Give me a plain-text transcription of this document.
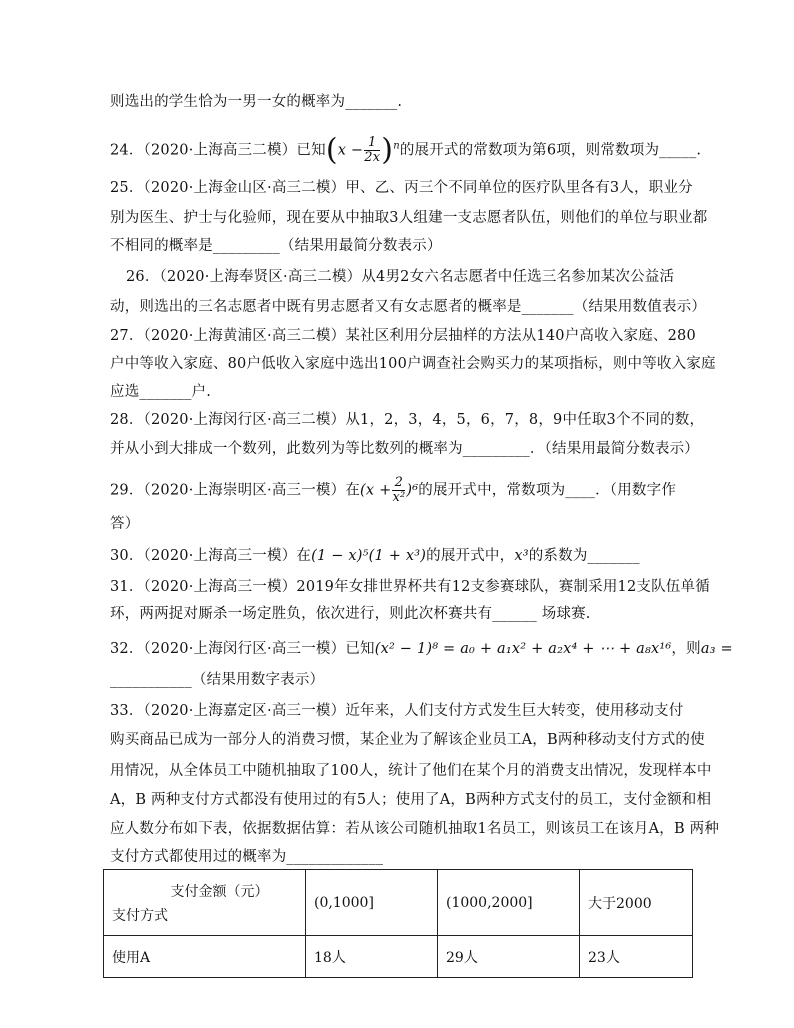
则选出的学生恰为一男一女的概率为_______.
24．（2020·上海高三二模）已知$(x - \frac{1}{2x} )^n$的展开式的常数项为第6项，则常数项为_____.
25．（2020·上海金山区·高三二模）甲、乙、丙三个不同单位的医疗队里各有3人，职业分
别为医生、护士与化验师，现在要从中抽取3人组建一支志愿者队伍，则他们的单位与职业都
不相同的概率是_________（结果用最简分数表示）
26．（2020·上海奉贤区·高三二模）从4男2女六名志愿者中任选三名参加某次公益活
动，则选出的三名志愿者中既有男志愿者又有女志愿者的概率是_______（结果用数值表示）
27．（2020·上海黄浦区·高三二模）某社区利用分层抽样的方法从140户高收入家庭、280
户中等收入家庭、80户低收入家庭中选出100户调查社会购买力的某项指标，则中等收入家庭
应选_______户.
28．（2020·上海闵行区·高三二模）从1，2，3，4，5，6，7，8，9中任取3个不同的数，
并从小到大排成一个数列，此数列为等比数列的概率为_________．（结果用最简分数表示）
29．（2020·上海崇明区·高三一模）在$(x + \frac{2}{\text{x²}} )^6$的展开式中，常数项为____．（用数字作
答）
30．（2020·上海高三一模）在(1 − x)⁵(1 + x³)的展开式中，x³的系数为_______
31．（2020·上海高三一模）2019年女排世界杯共有12支参赛球队，赛制采用12支队伍单循
环，两两捉对厮杀一场定胜负，依次进行，则此次杯赛共有______ 场球赛.
32．（2020·上海闵行区·高三一模）已知(x² − 1)⁸ = a₀ + a₁x² + a₂x⁴ + ⋯ + a₈x¹⁶，则a₃ =
___________（结果用数字表示）
33．（2020·上海嘉定区·高三一模）近年来，人们支付方式发生巨大转变，使用移动支付
购买商品已成为一部分人的消费习惯，某企业为了解该企业员工A，B两种移动支付方式的使
用情况，从全体员工中随机抽取了100人，统计了他们在某个月的消费支出情况，发现样本中
A，B 两种支付方式都没有使用过的有5人；使用了A，B两种方式支付的员工，支付金额和相
应人数分布如下表，依据数据估算：若从该公司随机抽取1名员工，则该员工在该月A，B 两种
支付方式都使用过的概率为_____________
支付金额（元）
支付方式	(0,1000]	(1000,2000]	大于2000
使用A	18人	29人	23人
